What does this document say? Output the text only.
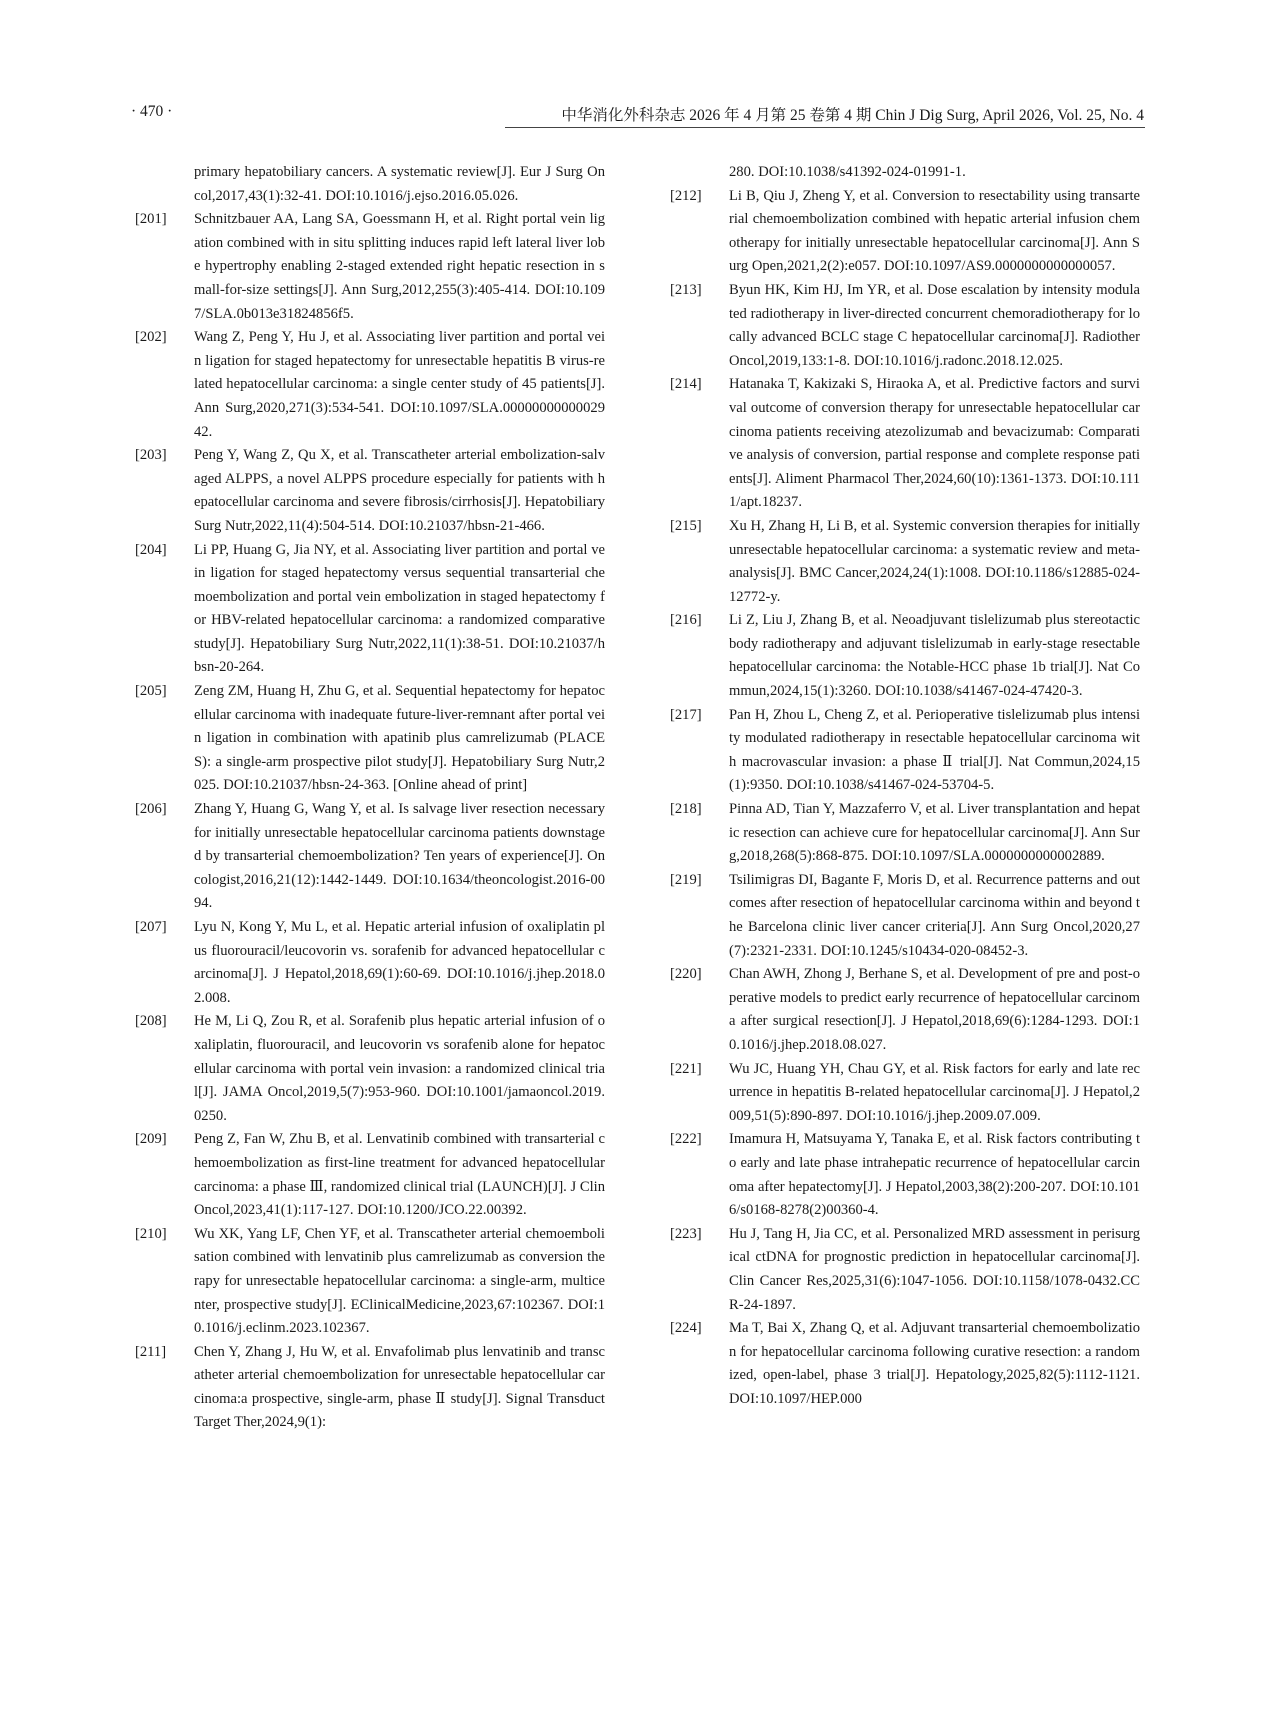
· 470 ·	中华消化外科杂志 2026 年 4 月第 25 卷第 4 期 Chin J Dig Surg, April 2026, Vol. 25, No. 4
primary hepatobiliary cancers. A systematic review[J]. Eur J Surg Oncol,2017,43(1):32-41. DOI:10.1016/j.ejso.2016.05.026.
[201] Schnitzbauer AA, Lang SA, Goessmann H, et al. Right portal vein ligation combined with in situ splitting induces rapid left lateral liver lobe hypertrophy enabling 2-staged extended right hepatic resection in small-for-size settings[J]. Ann Surg,2012,255(3):405-414. DOI:10.1097/SLA.0b013e31824856f5.
[202] Wang Z, Peng Y, Hu J, et al. Associating liver partition and portal vein ligation for staged hepatectomy for unresectable hepatitis B virus-related hepatocellular carcinoma: a single center study of 45 patients[J]. Ann Surg,2020,271(3):534-541. DOI:10.1097/SLA.0000000000002942.
[203] Peng Y, Wang Z, Qu X, et al. Transcatheter arterial embolization-salvaged ALPPS, a novel ALPPS procedure especially for patients with hepatocellular carcinoma and severe fibrosis/cirrhosis[J]. Hepatobiliary Surg Nutr,2022,11(4):504-514. DOI:10.21037/hbsn-21-466.
[204] Li PP, Huang G, Jia NY, et al. Associating liver partition and portal vein ligation for staged hepatectomy versus sequential transarterial chemoembolization and portal vein embolization in staged hepatectomy for HBV-related hepatocellular carcinoma: a randomized comparative study[J]. Hepatobiliary Surg Nutr,2022,11(1):38-51. DOI:10.21037/hbsn-20-264.
[205] Zeng ZM, Huang H, Zhu G, et al. Sequential hepatectomy for hepatocellular carcinoma with inadequate future-liver-remnant after portal vein ligation in combination with apatinib plus camrelizumab (PLACES): a single-arm prospective pilot study[J]. Hepatobiliary Surg Nutr,2025. DOI:10.21037/hbsn-24-363. [Online ahead of print]
[206] Zhang Y, Huang G, Wang Y, et al. Is salvage liver resection necessary for initially unresectable hepatocellular carcinoma patients downstaged by transarterial chemoembolization? Ten years of experience[J]. Oncologist,2016,21(12):1442-1449. DOI:10.1634/theoncologist.2016-0094.
[207] Lyu N, Kong Y, Mu L, et al. Hepatic arterial infusion of oxaliplatin plus fluorouracil/leucovorin vs. sorafenib for advanced hepatocellular carcinoma[J]. J Hepatol,2018,69(1):60-69. DOI:10.1016/j.jhep.2018.02.008.
[208] He M, Li Q, Zou R, et al. Sorafenib plus hepatic arterial infusion of oxaliplatin, fluorouracil, and leucovorin vs sorafenib alone for hepatocellular carcinoma with portal vein invasion: a randomized clinical trial[J]. JAMA Oncol,2019,5(7):953-960. DOI:10.1001/jamaoncol.2019.0250.
[209] Peng Z, Fan W, Zhu B, et al. Lenvatinib combined with transarterial chemoembolization as first-line treatment for advanced hepatocellular carcinoma: a phase Ⅲ, randomized clinical trial (LAUNCH)[J]. J Clin Oncol,2023,41(1):117-127. DOI:10.1200/JCO.22.00392.
[210] Wu XK, Yang LF, Chen YF, et al. Transcatheter arterial chemoembolisation combined with lenvatinib plus camrelizumab as conversion therapy for unresectable hepatocellular carcinoma: a single-arm, multicenter, prospective study[J]. EClinicalMedicine,2023,67:102367. DOI:10.1016/j.eclinm.2023.102367.
[211] Chen Y, Zhang J, Hu W, et al. Envafolimab plus lenvatinib and transcatheter arterial chemoembolization for unresectable hepatocellular carcinoma:a prospective, single-arm, phase Ⅱ study[J]. Signal Transduct Target Ther,2024,9(1):
280. DOI:10.1038/s41392-024-01991-1.
[212] Li B, Qiu J, Zheng Y, et al. Conversion to resectability using transarterial chemoembolization combined with hepatic arterial infusion chemotherapy for initially unresectable hepatocellular carcinoma[J]. Ann Surg Open,2021,2(2):e057. DOI:10.1097/AS9.0000000000000057.
[213] Byun HK, Kim HJ, Im YR, et al. Dose escalation by intensity modulated radiotherapy in liver-directed concurrent chemoradiotherapy for locally advanced BCLC stage C hepatocellular carcinoma[J]. Radiother Oncol,2019,133:1-8. DOI:10.1016/j.radonc.2018.12.025.
[214] Hatanaka T, Kakizaki S, Hiraoka A, et al. Predictive factors and survival outcome of conversion therapy for unresectable hepatocellular carcinoma patients receiving atezolizumab and bevacizumab: Comparative analysis of conversion, partial response and complete response patients[J]. Aliment Pharmacol Ther,2024,60(10):1361-1373. DOI:10.1111/apt.18237.
[215] Xu H, Zhang H, Li B, et al. Systemic conversion therapies for initially unresectable hepatocellular carcinoma: a systematic review and meta-analysis[J]. BMC Cancer,2024,24(1):1008. DOI:10.1186/s12885-024-12772-y.
[216] Li Z, Liu J, Zhang B, et al. Neoadjuvant tislelizumab plus stereotactic body radiotherapy and adjuvant tislelizumab in early-stage resectable hepatocellular carcinoma: the Notable-HCC phase 1b trial[J]. Nat Commun,2024,15(1):3260. DOI:10.1038/s41467-024-47420-3.
[217] Pan H, Zhou L, Cheng Z, et al. Perioperative tislelizumab plus intensity modulated radiotherapy in resectable hepatocellular carcinoma with macrovascular invasion: a phase Ⅱ trial[J]. Nat Commun,2024,15(1):9350. DOI:10.1038/s41467-024-53704-5.
[218] Pinna AD, Tian Y, Mazzaferro V, et al. Liver transplantation and hepatic resection can achieve cure for hepatocellular carcinoma[J]. Ann Surg,2018,268(5):868-875. DOI:10.1097/SLA.0000000000002889.
[219] Tsilimigras DI, Bagante F, Moris D, et al. Recurrence patterns and outcomes after resection of hepatocellular carcinoma within and beyond the Barcelona clinic liver cancer criteria[J]. Ann Surg Oncol,2020,27(7):2321-2331. DOI:10.1245/s10434-020-08452-3.
[220] Chan AWH, Zhong J, Berhane S, et al. Development of pre and post-operative models to predict early recurrence of hepatocellular carcinoma after surgical resection[J]. J Hepatol,2018,69(6):1284-1293. DOI:10.1016/j.jhep.2018.08.027.
[221] Wu JC, Huang YH, Chau GY, et al. Risk factors for early and late recurrence in hepatitis B-related hepatocellular carcinoma[J]. J Hepatol,2009,51(5):890-897. DOI:10.1016/j.jhep.2009.07.009.
[222] Imamura H, Matsuyama Y, Tanaka E, et al. Risk factors contributing to early and late phase intrahepatic recurrence of hepatocellular carcinoma after hepatectomy[J]. J Hepatol,2003,38(2):200-207. DOI:10.1016/s0168-8278(2)00360-4.
[223] Hu J, Tang H, Jia CC, et al. Personalized MRD assessment in perisurgical ctDNA for prognostic prediction in hepatocellular carcinoma[J]. Clin Cancer Res,2025,31(6):1047-1056. DOI:10.1158/1078-0432.CCR-24-1897.
[224] Ma T, Bai X, Zhang Q, et al. Adjuvant transarterial chemoembolization for hepatocellular carcinoma following curative resection: a randomized, open-label, phase 3 trial[J]. Hepatology,2025,82(5):1112-1121. DOI:10.1097/HEP.000
